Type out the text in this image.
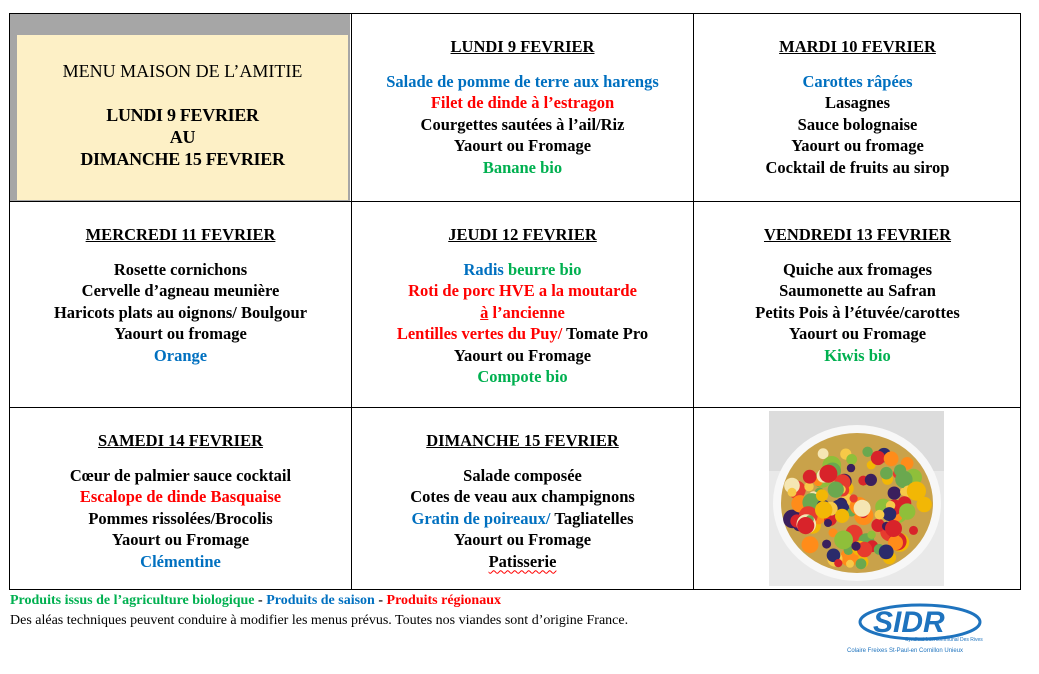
MENU MAISON DE L’AMITIE
LUNDI 9 FEVRIER
AU
DIMANCHE 15 FEVRIER
LUNDI 9 FEVRIER
Salade de pomme de terre aux harengs
Filet de dinde à l’estragon
Courgettes sautées à l’ail/Riz
Yaourt ou Fromage
Banane bio
MARDI 10 FEVRIER
Carottes râpées
Lasagnes
Sauce bolognaise
Yaourt ou fromage
Cocktail de fruits au sirop
MERCREDI 11 FEVRIER
Rosette cornichons
Cervelle d’agneau meunière
Haricots plats au oignons/ Boulgour
Yaourt ou fromage
Orange
JEUDI 12 FEVRIER
Radis beurre bio
Roti de porc HVE a la moutarde
à l’ancienne
Lentilles vertes du Puy/ Tomate Pro
Yaourt ou Fromage
Compote bio
VENDREDI 13 FEVRIER
Quiche aux fromages
Saumonette au Safran
Petits Pois à l’étuvée/carottes
Yaourt ou Fromage
Kiwis bio
SAMEDI 14 FEVRIER
Cœur de palmier sauce cocktail
Escalope de dinde Basquaise
Pommes rissolées/Brocolis
Yaourt ou Fromage
Clémentine
DIMANCHE 15 FEVRIER
Salade composée
Cotes de veau aux champignons
Gratin de poireaux/ Tagliatelles
Yaourt ou Fromage
Patisserie
Produits issus de l’agriculture biologique - Produits de saison - Produits régionaux
Des aléas techniques peuvent conduire à modifier les menus prévus. Toutes nos viandes sont d’origine France.	SIDR
Syndicat Intercommunal Des Rives
Colaire Freixes St-Paul-en Cornillon Unieux
